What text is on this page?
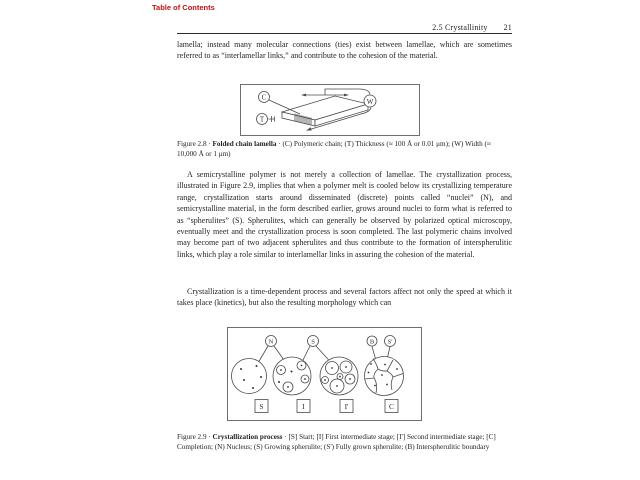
Table of Contents
2.5 Crystallinity 21

lamella; instead many molecular connections (ties) exist between lamellae, which are sometimes referred to as “interlamellar links,” and contribute to the cohesion of the material.

C
T
W

Figure 2.8 · Folded chain lamella · (C) Polymeric chain; (T) Thickness (≈ 100 Å or 0.01 μm); (W) Width (≈ 10,000 Å or 1 μm)

A semicrystalline polymer is not merely a collection of lamellae. The crystallization process, illustrated in Figure 2.9, implies that when a polymer melt is cooled below its crystallizing temperature range, crystallization starts around disseminated (discrete) points called “nuclei” (N), and semicrystalline material, in the form described earlier, grows around nuclei to form what is referred to as “spherulites” (S). Spherulites, which can generally be observed by polarized optical microscopy, eventually meet and the crystallization process is soon completed. The last polymeric chains involved may become part of two adjacent spherulites and thus contribute to the formation of interspherulitic links, which play a role similar to interlamellar links in assuring the cohesion of the material.

Crystallization is a time-dependent process and several factors affect not only the speed at which it takes place (kinetics), but also the resulting morphology which can

N	S	B S'
S	I	I'	C

Figure 2.9 · Crystallization process · [S] Start; [I] First intermediate stage; [I'] Second intermediate stage; [C] Completion; (N) Nucleus; (S) Growing spherulite; (S') Fully grown spherulite; (B) Interspherulitic boundary
